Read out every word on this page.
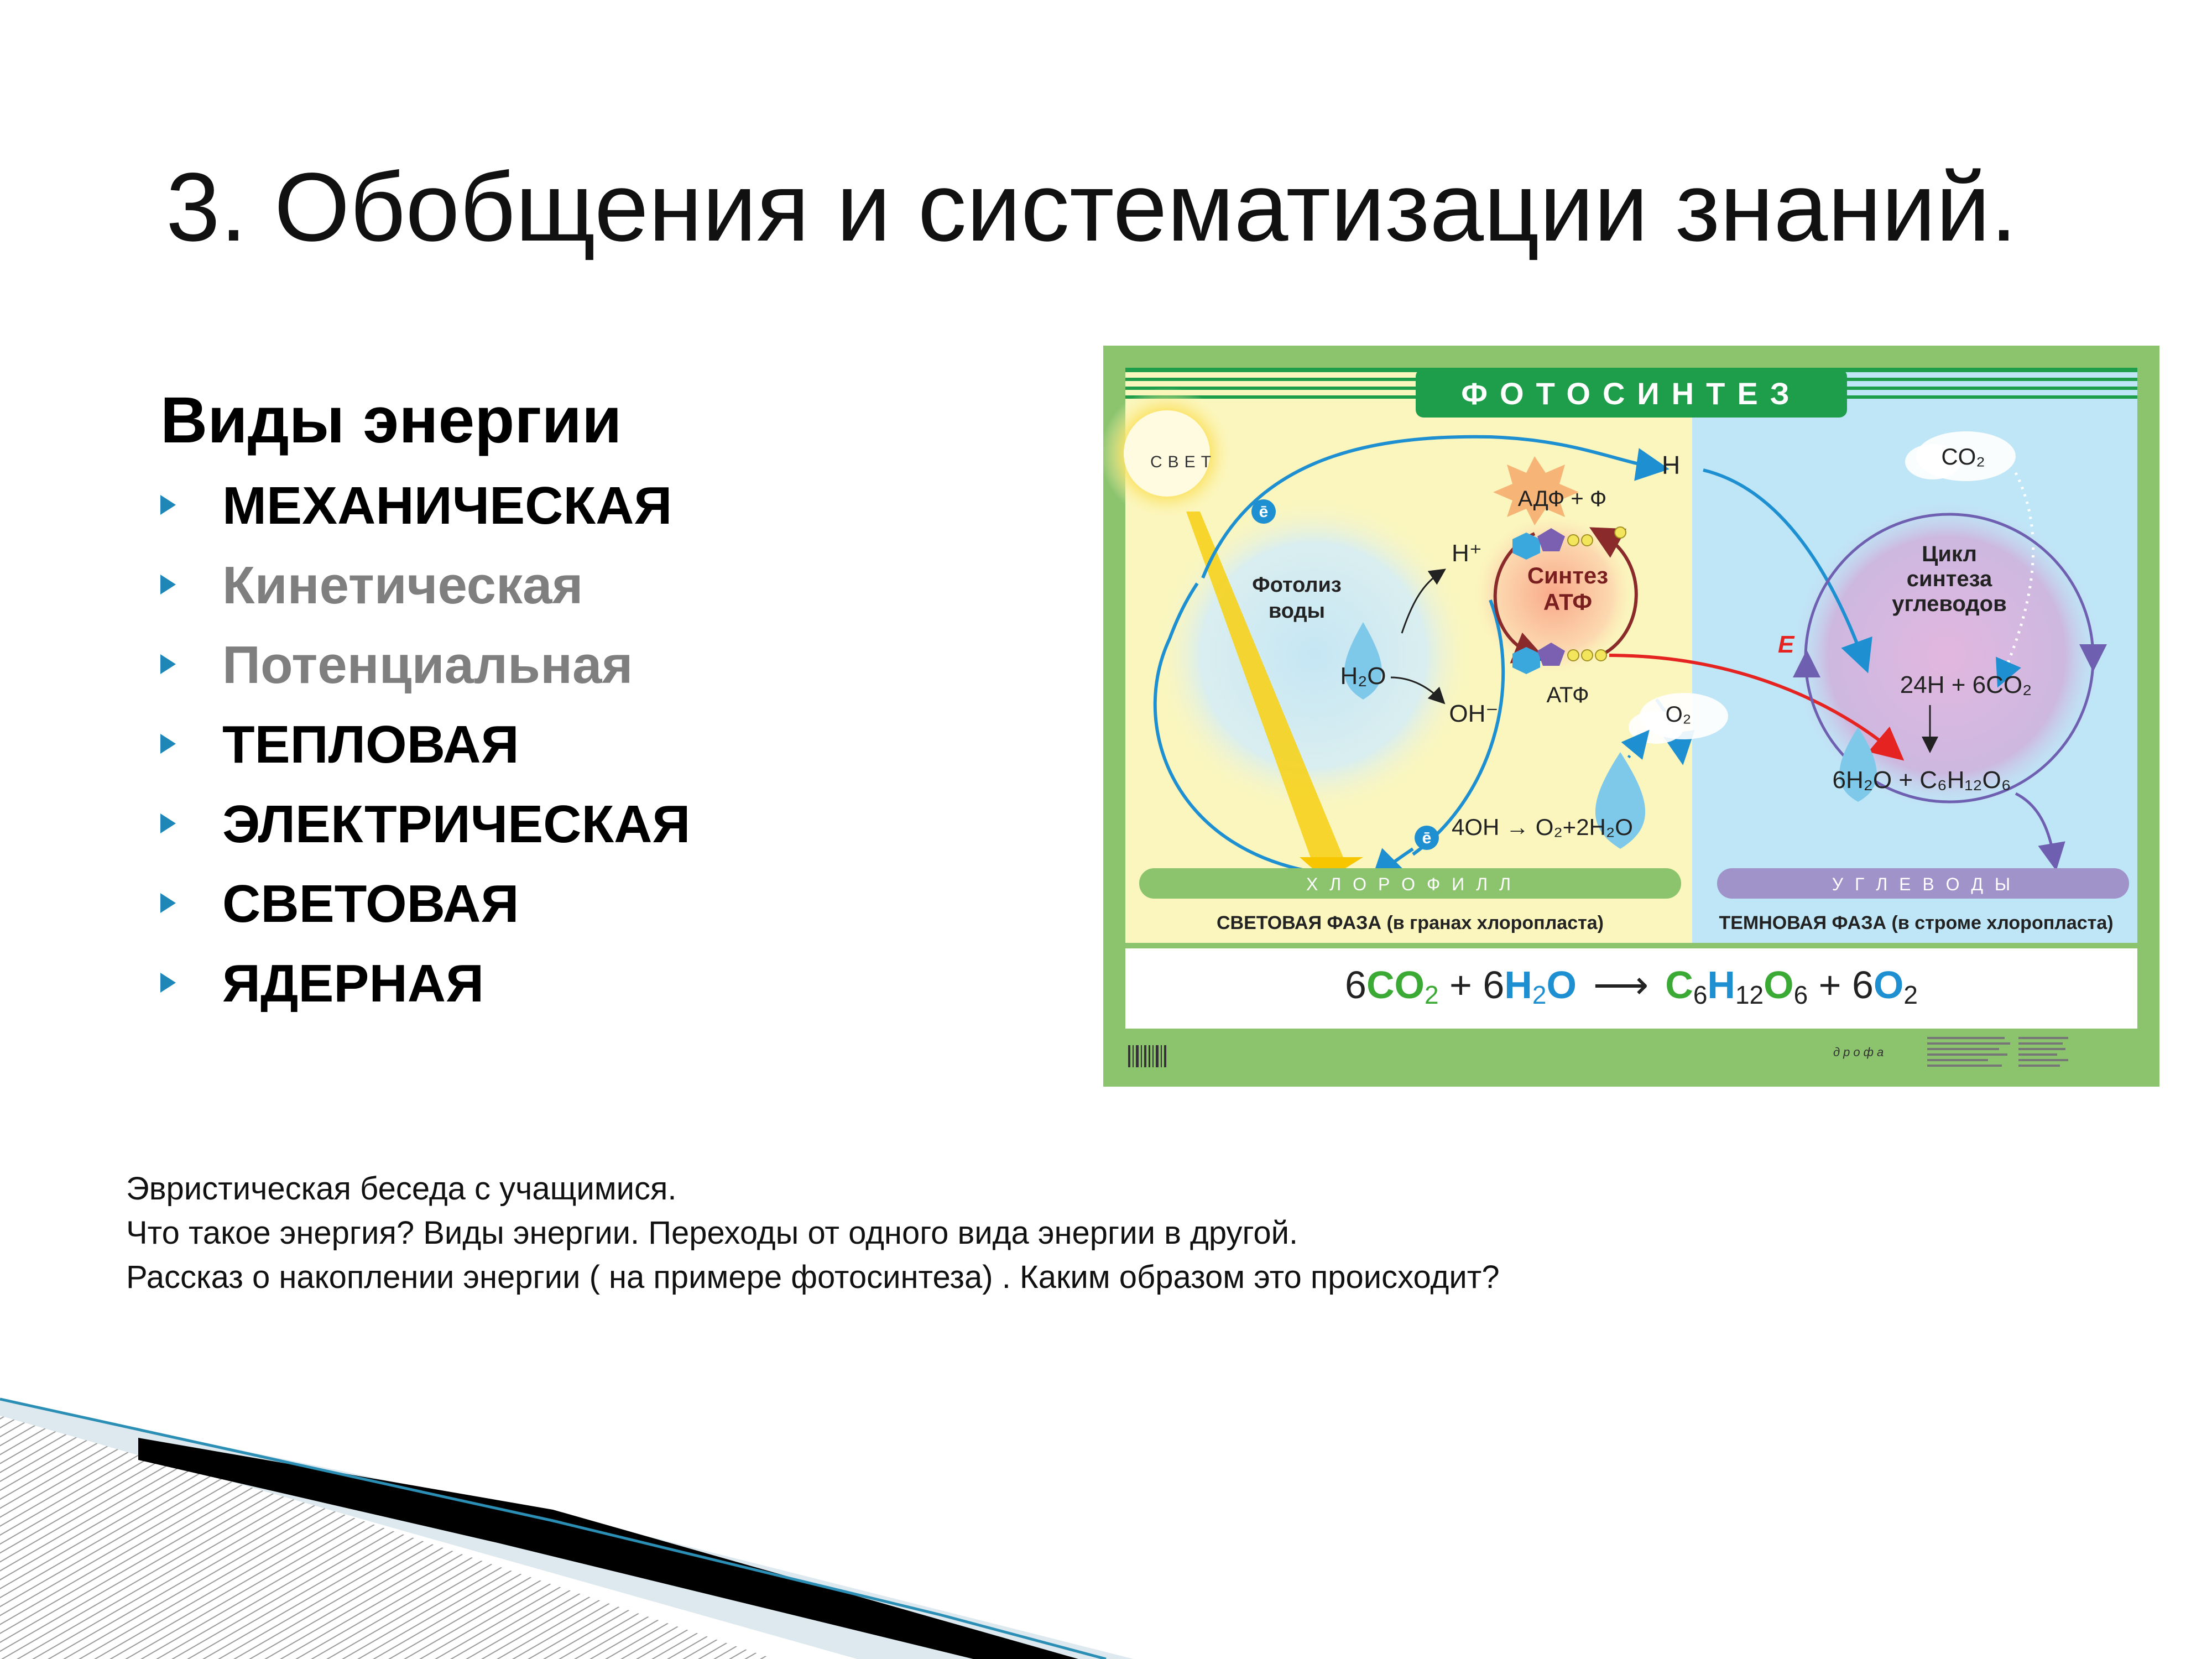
3. Обобщения и систематизации знаний.
Виды энергии
МЕХАНИЧЕСКАЯ
Кинетическая
Потенциальная
ТЕПЛОВАЯ
ЭЛЕКТРИЧЕСКАЯ
СВЕТОВАЯ
ЯДЕРНАЯ
ФОТОСИНТЕЗ
СВЕТ
ē
ē
Фотолиз
воды
H₂O
OH⁻
H⁺
H
АДФ + Ф
Синтез
АТФ
АТФ
E
O₂
4OH → O₂+2H₂O
CO₂
Цикл
синтеза
углеводов
24H + 6CO₂
6H₂O + C₆H₁₂O₆
Х Л О Р О Ф И Л Л	У Г Л Е В О Д Ы
СВЕТОВАЯ ФАЗА (в гранах хлоропласта)	ТЕМНОВАЯ ФАЗА (в строме хлоропласта)
6CO2 + 6H2O ⟶ C6H12O6 + 6O2
дрофа
Эвристическая беседа с учащимися.
Что такое энергия? Виды энергии. Переходы от одного вида энергии в другой.
Рассказ о накоплении энергии ( на примере фотосинтеза) . Каким образом это происходит?
